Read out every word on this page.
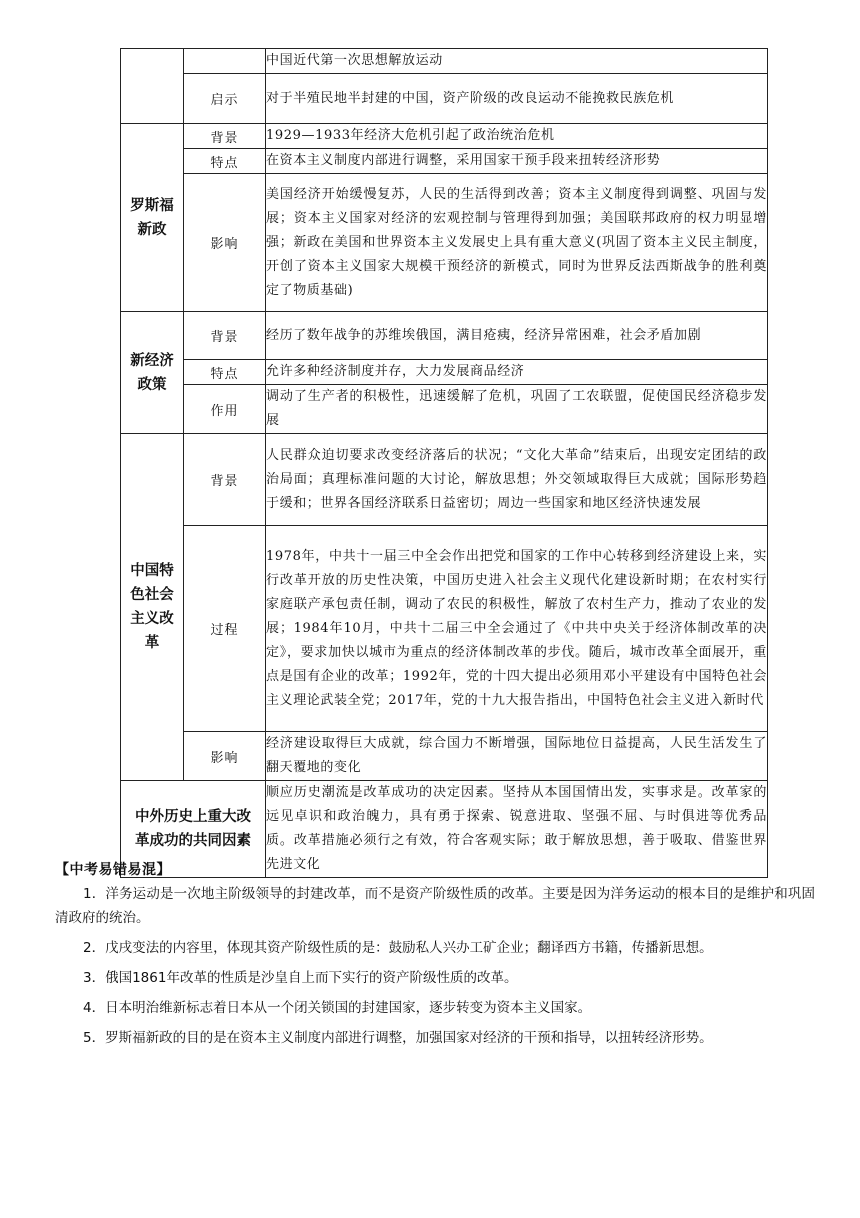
		中国近代第一次思想解放运动
	启示	对于半殖民地半封建的中国，资产阶级的改良运动不能挽救民族危机
罗斯福新政	背景	1929—1933年经济大危机引起了政治统治危机
	特点	在资本主义制度内部进行调整，采用国家干预手段来扭转经济形势
	影响	美国经济开始缓慢复苏，人民的生活得到改善；资本主义制度得到调整、巩固与发展；资本主义国家对经济的宏观控制与管理得到加强；美国联邦政府的权力明显增强；新政在美国和世界资本主义发展史上具有重大意义(巩固了资本主义民主制度，开创了资本主义国家大规模干预经济的新模式，同时为世界反法西斯战争的胜利奠定了物质基础)
新经济政策	背景	经历了数年战争的苏维埃俄国，满目疮痍，经济异常困难，社会矛盾加剧
	特点	允许多种经济制度并存，大力发展商品经济
	作用	调动了生产者的积极性，迅速缓解了危机，巩固了工农联盟，促使国民经济稳步发展
中国特色社会主义改革	背景	人民群众迫切要求改变经济落后的状况；“文化大革命”结束后，出现安定团结的政治局面；真理标准问题的大讨论，解放思想；外交领域取得巨大成就；国际形势趋于缓和；世界各国经济联系日益密切；周边一些国家和地区经济快速发展
	过程	1978年，中共十一届三中全会作出把党和国家的工作中心转移到经济建设上来，实行改革开放的历史性决策，中国历史进入社会主义现代化建设新时期；在农村实行家庭联产承包责任制，调动了农民的积极性，解放了农村生产力，推动了农业的发展；1984年10月，中共十二届三中全会通过了《中共中央关于经济体制改革的决定》，要求加快以城市为重点的经济体制改革的步伐。随后，城市改革全面展开，重点是国有企业的改革；1992年，党的十四大提出必须用邓小平建设有中国特色社会主义理论武装全党；2017年，党的十九大报告指出，中国特色社会主义进入新时代
	影响	经济建设取得巨大成就，综合国力不断增强，国际地位日益提高，人民生活发生了翻天覆地的变化
中外历史上重大改革成功的共同因素		顺应历史潮流是改革成功的决定因素。坚持从本国国情出发，实事求是。改革家的远见卓识和政治魄力，具有勇于探索、锐意进取、坚强不屈、与时俱进等优秀品质。改革措施必须行之有效，符合客观实际；敢于解放思想，善于吸取、借鉴世界先进文化

【中考易错易混】

1．洋务运动是一次地主阶级领导的封建改革，而不是资产阶级性质的改革。主要是因为洋务运动的根本目的是维护和巩固清政府的统治。

2．戊戌变法的内容里，体现其资产阶级性质的是：鼓励私人兴办工矿企业；翻译西方书籍，传播新思想。

3．俄国1861年改革的性质是沙皇自上而下实行的资产阶级性质的改革。

4．日本明治维新标志着日本从一个闭关锁国的封建国家，逐步转变为资本主义国家。

5．罗斯福新政的目的是在资本主义制度内部进行调整，加强国家对经济的干预和指导，以扭转经济形势。
